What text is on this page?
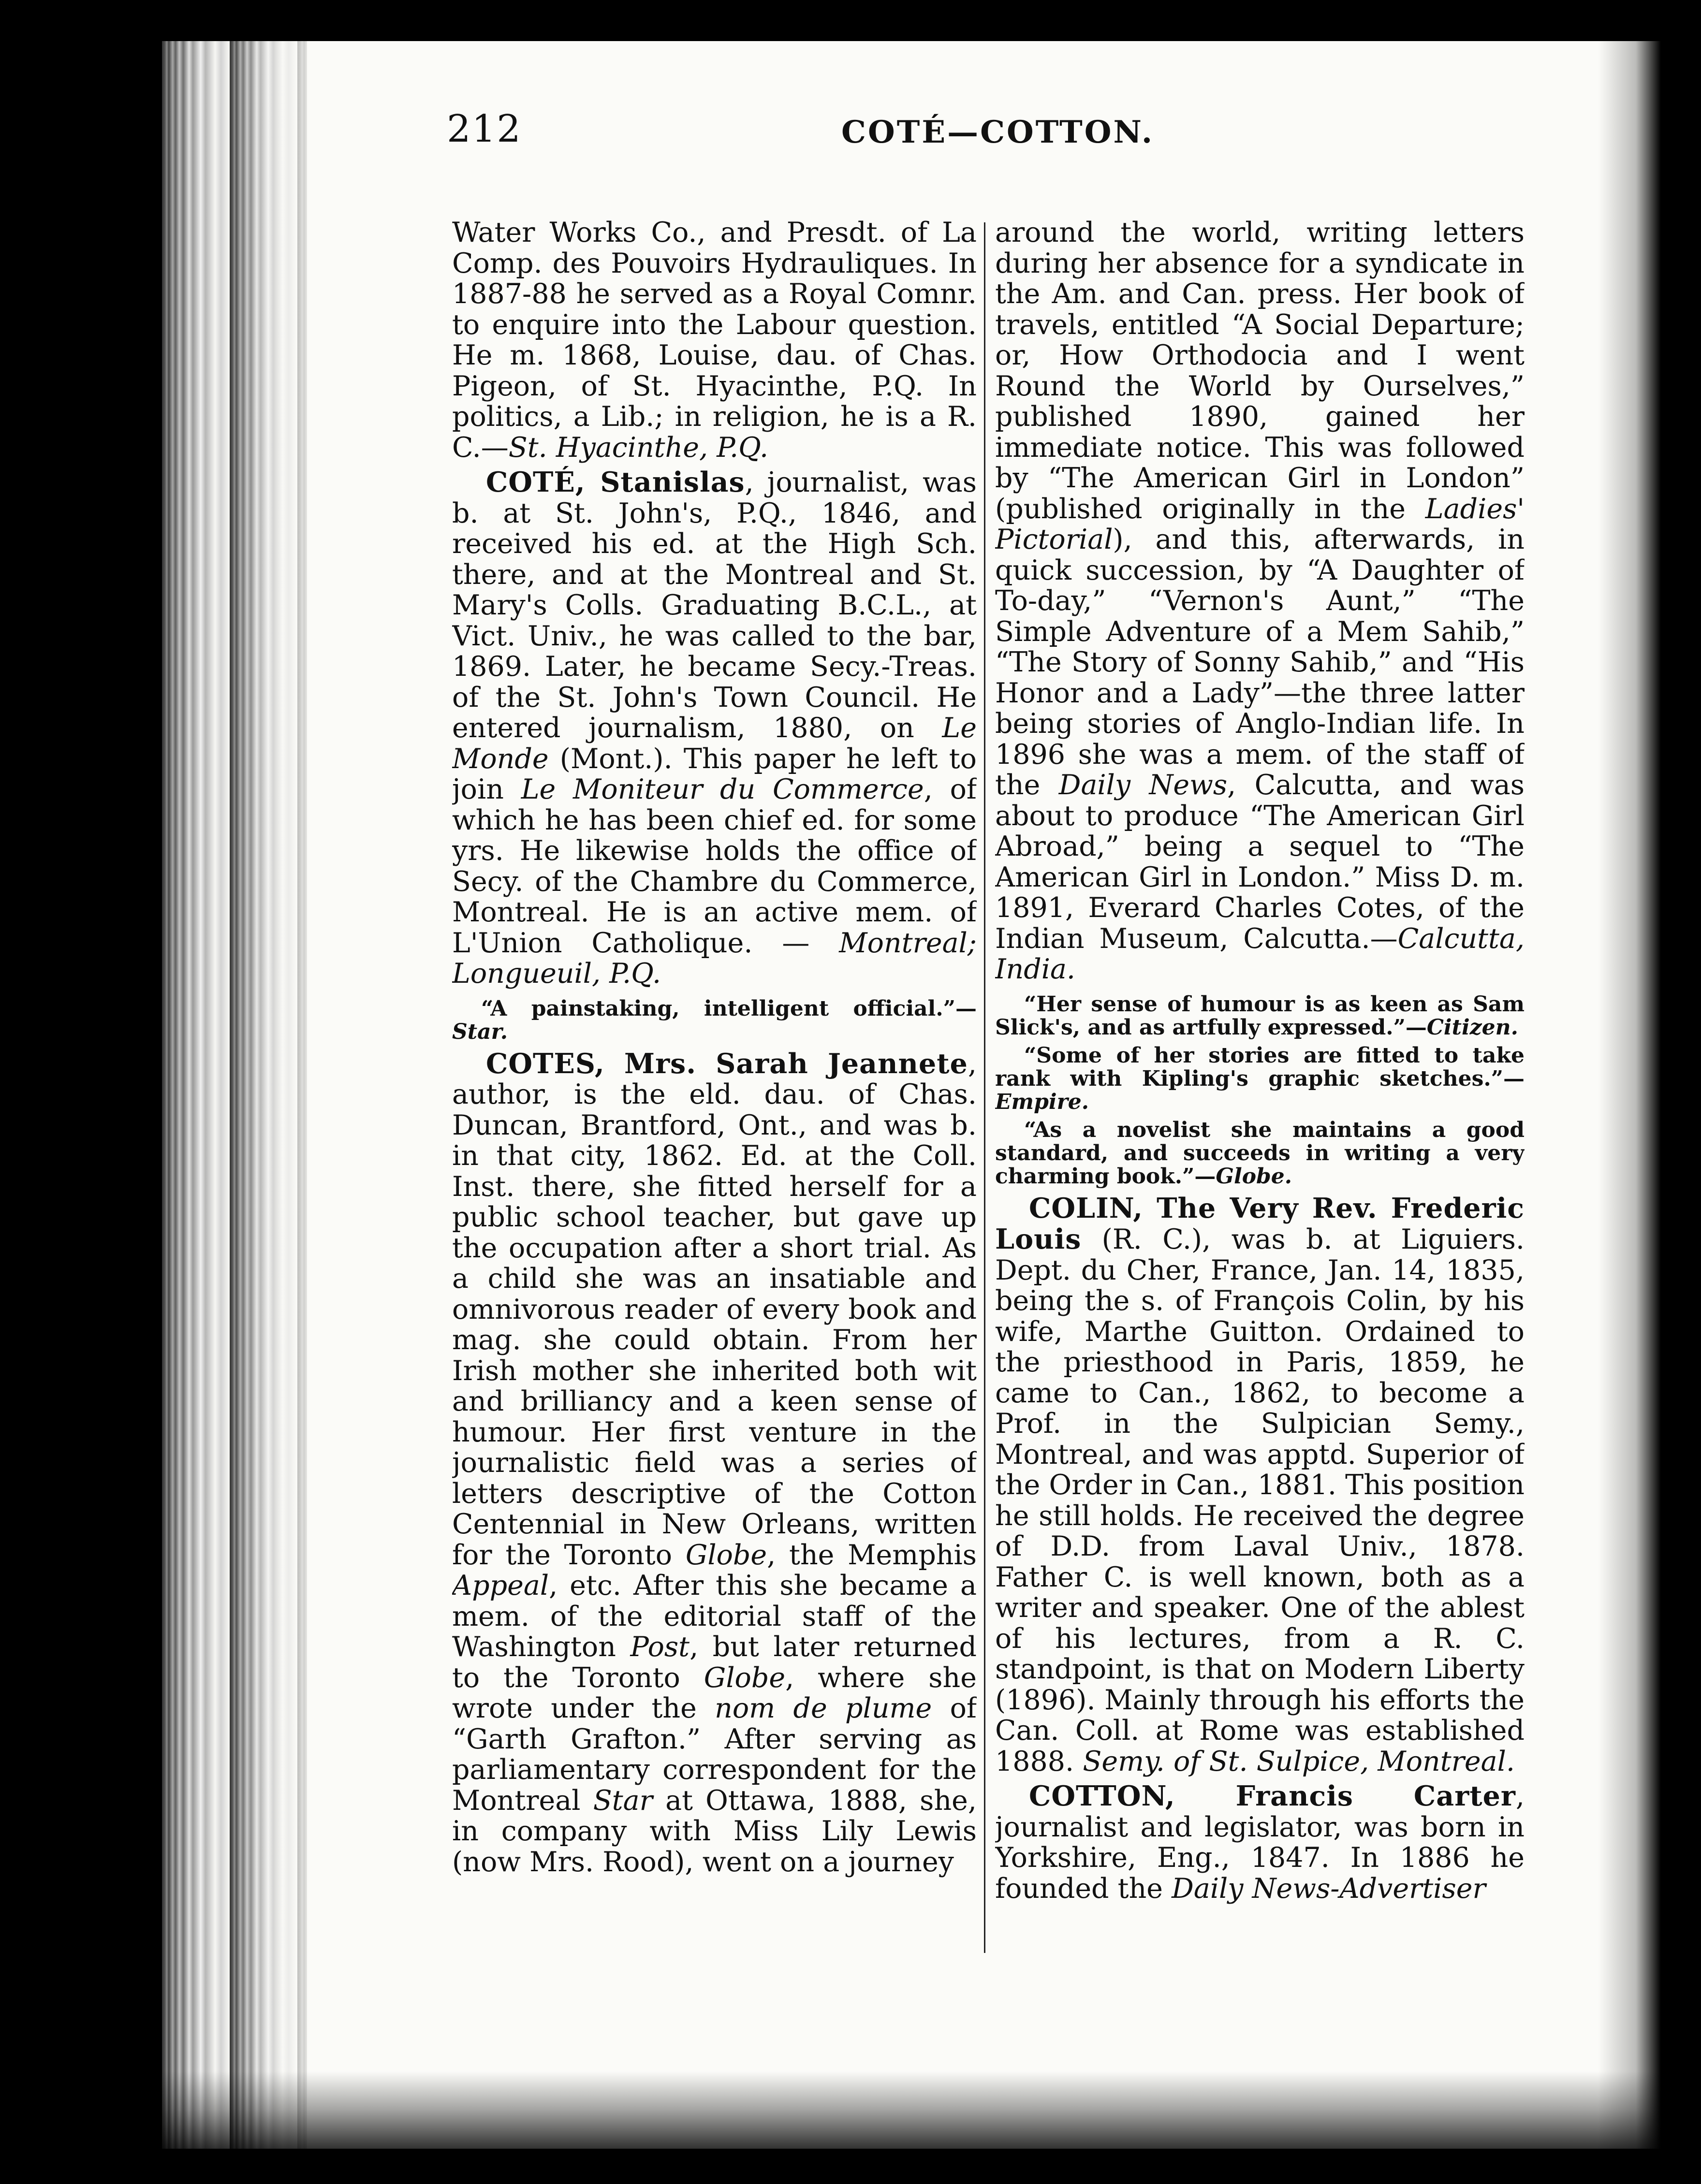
212	COTÉ—COTTON.

Water Works Co., and Presdt. of La Comp. des Pouvoirs Hydrauliques. In 1887-88 he served as a Royal Comnr. to enquire into the Labour question. He m. 1868, Louise, dau. of Chas. Pigeon, of St. Hyacinthe, P.Q. In politics, a Lib.; in religion, he is a R. C.—St. Hyacinthe, P.Q.

COTÉ, Stanislas, journalist, was b. at St. John's, P.Q., 1846, and received his ed. at the High Sch. there, and at the Montreal and St. Mary's Colls. Graduating B.C.L., at Vict. Univ., he was called to the bar, 1869. Later, he became Secy.-Treas. of the St. John's Town Council. He entered journalism, 1880, on Le Monde (Mont.). This paper he left to join Le Moniteur du Commerce, of which he has been chief ed. for some yrs. He likewise holds the office of Secy. of the Chambre du Commerce, Montreal. He is an active mem. of L'Union Catholique. — Montreal; Longueuil, P.Q.

“A painstaking, intelligent official.”—Star.

COTES, Mrs. Sarah Jeannete, author, is the eld. dau. of Chas. Duncan, Brantford, Ont., and was b. in that city, 1862. Ed. at the Coll. Inst. there, she fitted herself for a public school teacher, but gave up the occupation after a short trial. As a child she was an insatiable and omnivorous reader of every book and mag. she could obtain. From her Irish mother she inherited both wit and brilliancy and a keen sense of humour. Her first venture in the journalistic field was a series of letters descriptive of the Cotton Centennial in New Orleans, written for the Toronto Globe, the Memphis Appeal, etc. After this she became a mem. of the editorial staff of the Washington Post, but later returned to the Toronto Globe, where she wrote under the nom de plume of “Garth Grafton.” After serving as parliamentary correspondent for the Montreal Star at Ottawa, 1888, she, in company with Miss Lily Lewis (now Mrs. Rood), went on a journey

around the world, writing letters during her absence for a syndicate in the Am. and Can. press. Her book of travels, entitled “A Social Departure; or, How Orthodocia and I went Round the World by Ourselves,” published 1890, gained her immediate notice. This was followed by “The American Girl in London” (published originally in the Ladies' Pictorial), and this, afterwards, in quick succession, by “A Daughter of To-day,” “Vernon's Aunt,” “The Simple Adventure of a Mem Sahib,” “The Story of Sonny Sahib,” and “His Honor and a Lady”—the three latter being stories of Anglo-Indian life. In 1896 she was a mem. of the staff of the Daily News, Calcutta, and was about to produce “The American Girl Abroad,” being a sequel to “The American Girl in London.” Miss D. m. 1891, Everard Charles Cotes, of the Indian Museum, Calcutta.—Calcutta, India.

“Her sense of humour is as keen as Sam Slick's, and as artfully expressed.”—Citizen.

“Some of her stories are fitted to take rank with Kipling's graphic sketches.”—Empire.

“As a novelist she maintains a good standard, and succeeds in writing a very charming book.”—Globe.

COLIN, The Very Rev. Frederic Louis (R. C.), was b. at Liguiers. Dept. du Cher, France, Jan. 14, 1835, being the s. of François Colin, by his wife, Marthe Guitton. Ordained to the priesthood in Paris, 1859, he came to Can., 1862, to become a Prof. in the Sulpician Semy., Montreal, and was apptd. Superior of the Order in Can., 1881. This position he still holds. He received the degree of D.D. from Laval Univ., 1878. Father C. is well known, both as a writer and speaker. One of the ablest of his lectures, from a R. C. standpoint, is that on Modern Liberty (1896). Mainly through his efforts the Can. Coll. at Rome was established 1888. Semy. of St. Sulpice, Montreal.

COTTON, Francis Carter, journalist and legislator, was born in Yorkshire, Eng., 1847. In 1886 he founded the Daily News-Advertiser
